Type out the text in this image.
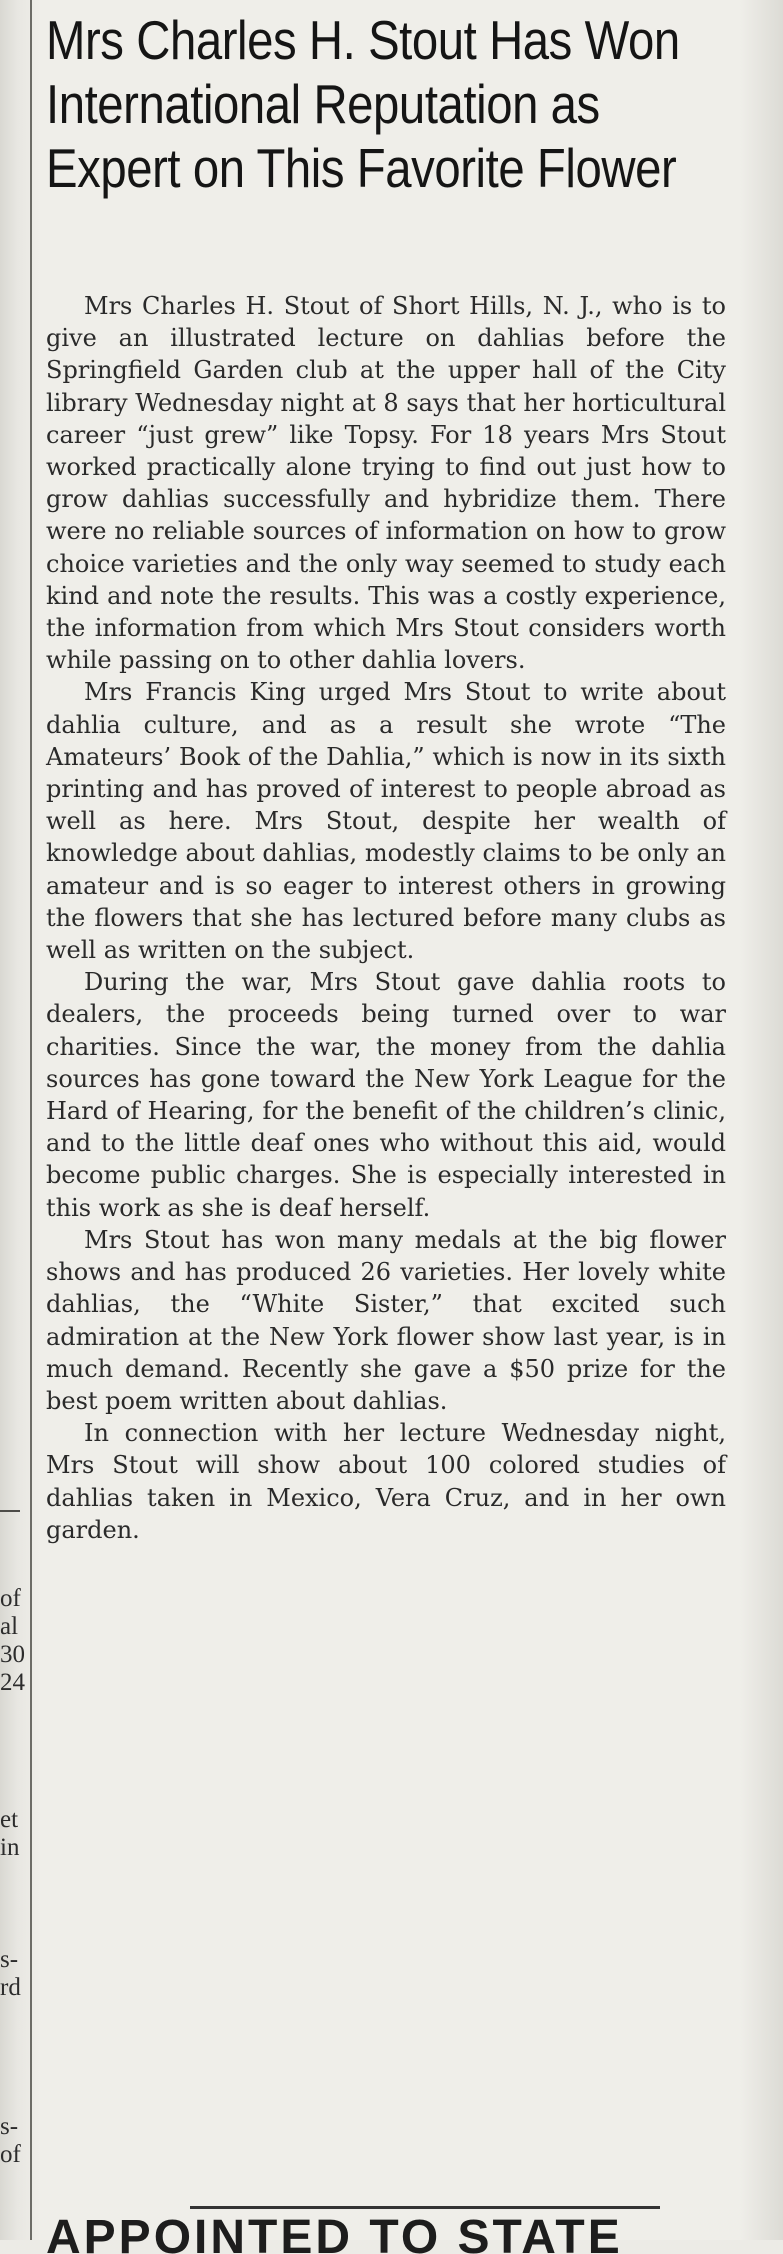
of
al
30
24
et
in
s-
rd
s-
of
Mrs Charles H. Stout Has Won International Reputation as Expert on This Favorite Flower

Mrs Charles H. Stout of Short Hills, N. J., who is to give an illustrated lecture on dahlias before the Springfield Garden club at the upper hall of the City library Wednesday night at 8 says that her horticultural career “just grew” like Topsy. For 18 years Mrs Stout worked practically alone trying to find out just how to grow dahlias successfully and hybridize them. There were no reliable sources of information on how to grow choice varieties and the only way seemed to study each kind and note the results. This was a costly experience, the information from which Mrs Stout considers worth while passing on to other dahlia lovers.

Mrs Francis King urged Mrs Stout to write about dahlia culture, and as a result she wrote “The Amateurs’ Book of the Dahlia,” which is now in its sixth printing and has proved of interest to people abroad as well as here. Mrs Stout, despite her wealth of knowledge about dahlias, modestly claims to be only an amateur and is so eager to interest others in growing the flowers that she has lectured before many clubs as well as written on the subject.

During the war, Mrs Stout gave dahlia roots to dealers, the proceeds being turned over to war charities. Since the war, the money from the dahlia sources has gone toward the New York League for the Hard of Hearing, for the benefit of the children’s clinic, and to the little deaf ones who without this aid, would become public charges. She is especially interested in this work as she is deaf herself.

Mrs Stout has won many medals at the big flower shows and has produced 26 varieties. Her lovely white dahlias, the “White Sister,” that excited such admiration at the New York flower show last year, is in much demand. Recently she gave a $50 prize for the best poem written about dahlias.

In connection with her lecture Wednesday night, Mrs Stout will show about 100 colored studies of dahlias taken in Mexico, Vera Cruz, and in her own garden.

APPOINTED TO STATE
